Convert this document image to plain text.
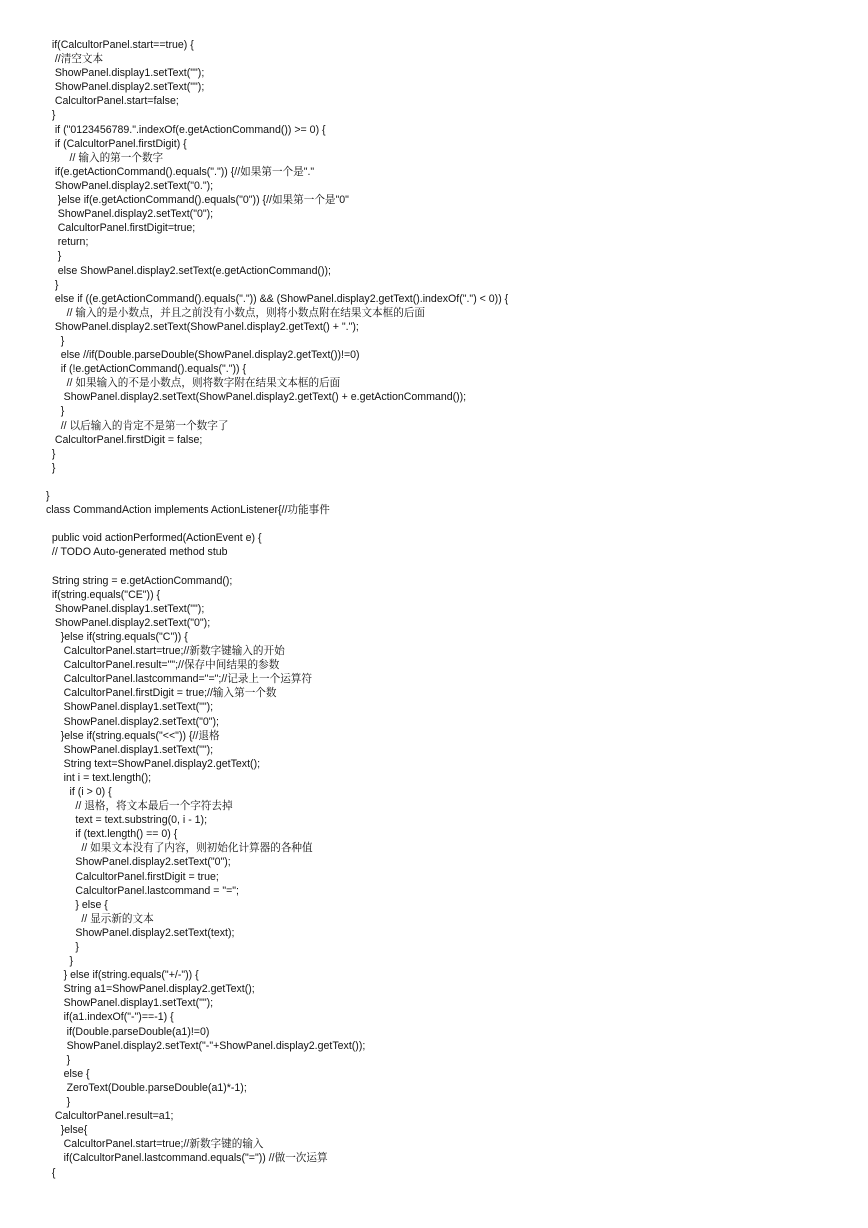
if(CalcultorPanel.start==true) {
//清空文本
ShowPanel.display1.setText("");
ShowPanel.display2.setText("");
CalcultorPanel.start=false;
}
if ("0123456789.".indexOf(e.getActionCommand()) >= 0) {
if (CalcultorPanel.firstDigit) {
// 输入的第一个数字
if(e.getActionCommand().equals(".")) {//如果第一个是"."
ShowPanel.display2.setText("0.");
}else if(e.getActionCommand().equals("0")) {//如果第一个是"0"
ShowPanel.display2.setText("0");
CalcultorPanel.firstDigit=true;
return;
}
else ShowPanel.display2.setText(e.getActionCommand());
}
else if ((e.getActionCommand().equals(".")) && (ShowPanel.display2.getText().indexOf(".") < 0)) {
// 输入的是小数点，并且之前没有小数点，则将小数点附在结果文本框的后面
ShowPanel.display2.setText(ShowPanel.display2.getText() + ".");
}
else //if(Double.parseDouble(ShowPanel.display2.getText())!=0)
if (!e.getActionCommand().equals(".")) {
// 如果输入的不是小数点，则将数字附在结果文本框的后面
ShowPanel.display2.setText(ShowPanel.display2.getText() + e.getActionCommand());
}
// 以后输入的肯定不是第一个数字了
CalcultorPanel.firstDigit = false;
}
}
}
class CommandAction implements ActionListener{//功能事件
public void actionPerformed(ActionEvent e) {
// TODO Auto-generated method stub
String string = e.getActionCommand();
if(string.equals("CE")) {
ShowPanel.display1.setText("");
ShowPanel.display2.setText("0");
}else if(string.equals("C")) {
CalcultorPanel.start=true;//新数字键输入的开始
CalcultorPanel.result="";//保存中间结果的参数
CalcultorPanel.lastcommand="=";//记录上一个运算符
CalcultorPanel.firstDigit = true;//输入第一个数
ShowPanel.display1.setText("");
ShowPanel.display2.setText("0");
}else if(string.equals("<<")) {//退格
ShowPanel.display1.setText("");
String text=ShowPanel.display2.getText();
int i = text.length();
if (i > 0) {
// 退格，将文本最后一个字符去掉
text = text.substring(0, i - 1);
if (text.length() == 0) {
// 如果文本没有了内容，则初始化计算器的各种值
ShowPanel.display2.setText("0");
CalcultorPanel.firstDigit = true;
CalcultorPanel.lastcommand = "=";
} else {
// 显示新的文本
ShowPanel.display2.setText(text);
}
}
} else if(string.equals("+/-")) {
String a1=ShowPanel.display2.getText();
ShowPanel.display1.setText("");
if(a1.indexOf("-")==-1) {
if(Double.parseDouble(a1)!=0)
ShowPanel.display2.setText("-"+ShowPanel.display2.getText());
}
else {
ZeroText(Double.parseDouble(a1)*-1);
}
CalcultorPanel.result=a1;
}else{
CalcultorPanel.start=true;//新数字键的输入
if(CalcultorPanel.lastcommand.equals("=")) //做一次运算
{
